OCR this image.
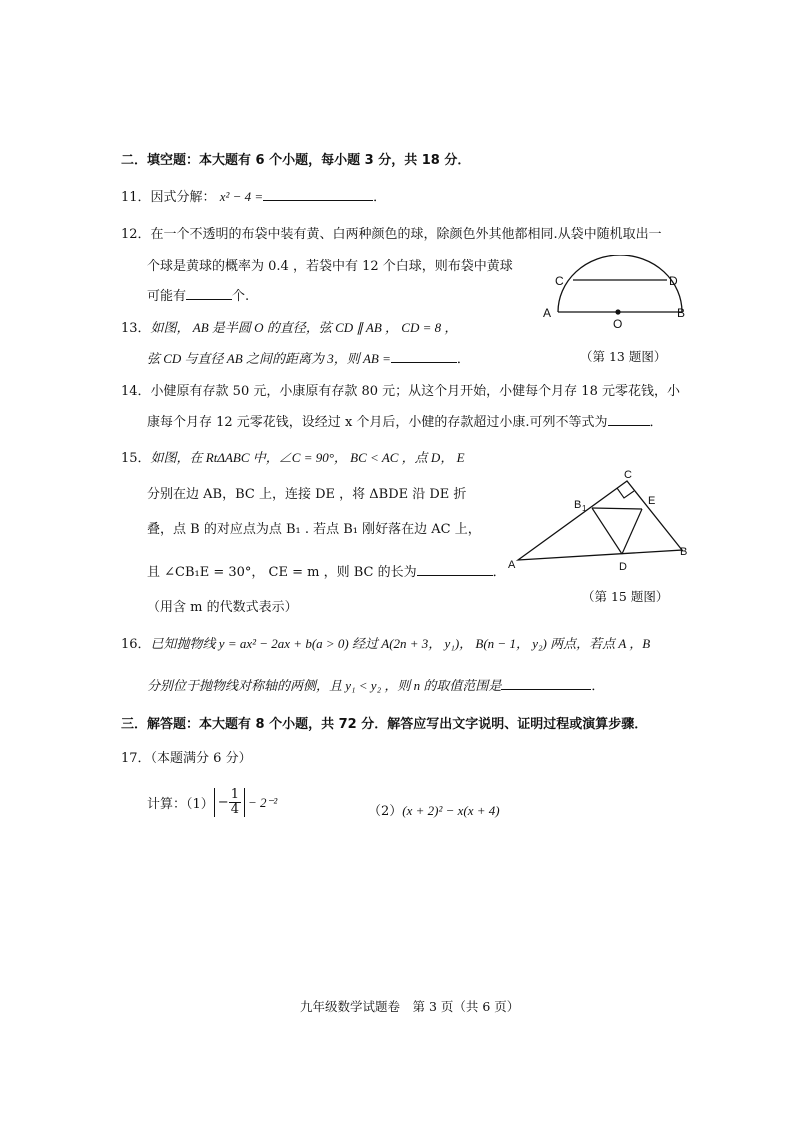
二．填空题：本大题有 6 个小题，每小题 3 分，共 18 分．
11．因式分解： x² − 4 =	．
12．在一个不透明的布袋中装有黄、白两种颜色的球，除颜色外其他都相同.从袋中随机取出一
个球是黄球的概率为 0.4 ，若袋中有 12 个白球，则布袋中黄球
可能有	个.
13．如图， AB 是半圆 O 的直径，弦 CD ∥ AB ， CD = 8 ，
弦 CD 与直径 AB 之间的距离为 3，则 AB =	．
C	D
A	B
O
（第 13 题图）
14．小健原有存款 50 元，小康原有存款 80 元；从这个月开始，小健每个月存 18 元零花钱，小
康每个月存 12 元零花钱，设经过 x 个月后，小健的存款超过小康.可列不等式为	．
15．如图，在 RtΔABC 中，∠C = 90°， BC < AC ，点 D， E
分别在边 AB，BC 上，连接 DE ，将 ΔBDE 沿 DE 折
叠，点 B 的对应点为点 B₁ . 若点 B₁ 刚好落在边 AC 上，
且 ∠CB₁E = 30°， CE = m ，则 BC 的长为	．
（用含 m 的代数式表示）
C
B 1
E
A
B
D
（第 15 题图）
16．已知抛物线 y = ax² − 2ax + b(a > 0) 经过 A(2n + 3， y₁)， B(n − 1， y₂) 两点，若点 A ，B
分别位于抛物线对称轴的两侧，且 y₁ < y₂ ，则 n 的取值范围是	．
三．解答题：本大题有 8 个小题，共 72 分．解答应写出文字说明、证明过程或演算步骤．
17．（本题满分 6 分）
计算：$(1) - \frac{1}{4} - 2^{-2}$
（2）(x + 2)² − x(x + 4)
九年级数学试题卷　第 3 页（共 6 页）
